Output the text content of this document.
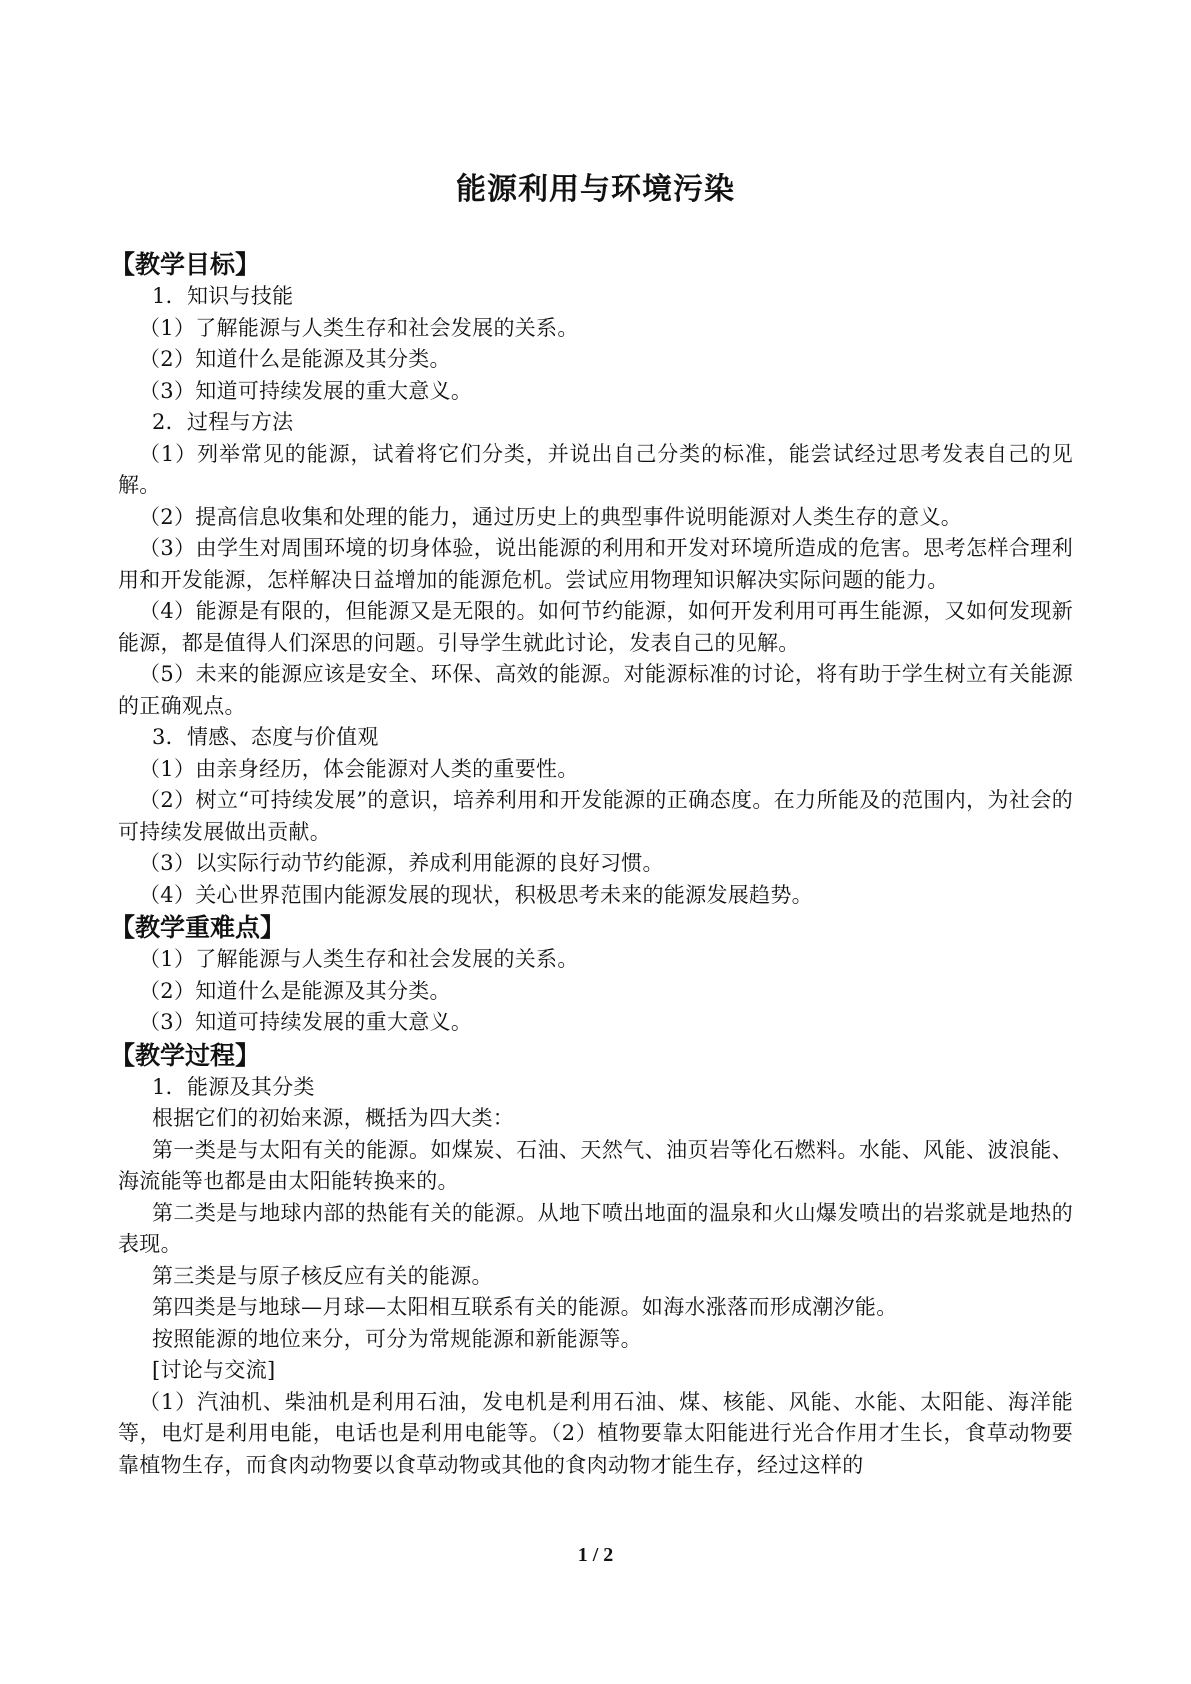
能源利用与环境污染
【教学目标】

1．知识与技能

（1）了解能源与人类生存和社会发展的关系。

（2）知道什么是能源及其分类。

（3）知道可持续发展的重大意义。

2．过程与方法

（1）列举常见的能源，试着将它们分类，并说出自己分类的标准，能尝试经过思考发表自己的见解。

（2）提高信息收集和处理的能力，通过历史上的典型事件说明能源对人类生存的意义。

（3）由学生对周围环境的切身体验，说出能源的利用和开发对环境所造成的危害。思考怎样合理利用和开发能源，怎样解决日益增加的能源危机。尝试应用物理知识解决实际问题的能力。

（4）能源是有限的，但能源又是无限的。如何节约能源，如何开发利用可再生能源，又如何发现新能源，都是值得人们深思的问题。引导学生就此讨论，发表自己的见解。

（5）未来的能源应该是安全、环保、高效的能源。对能源标准的讨论，将有助于学生树立有关能源的正确观点。

3．情感、态度与价值观

（1）由亲身经历，体会能源对人类的重要性。

（2）树立“可持续发展”的意识，培养利用和开发能源的正确态度。在力所能及的范围内，为社会的可持续发展做出贡献。

（3）以实际行动节约能源，养成利用能源的良好习惯。

（4）关心世界范围内能源发展的现状，积极思考未来的能源发展趋势。

【教学重难点】

（1）了解能源与人类生存和社会发展的关系。

（2）知道什么是能源及其分类。

（3）知道可持续发展的重大意义。

【教学过程】

1．能源及其分类

根据它们的初始来源，概括为四大类：

第一类是与太阳有关的能源。如煤炭、石油、天然气、油页岩等化石燃料。水能、风能、波浪能、海流能等也都是由太阳能转换来的。

第二类是与地球内部的热能有关的能源。从地下喷出地面的温泉和火山爆发喷出的岩浆就是地热的表现。

第三类是与原子核反应有关的能源。

第四类是与地球—月球—太阳相互联系有关的能源。如海水涨落而形成潮汐能。

按照能源的地位来分，可分为常规能源和新能源等。

[讨论与交流]

（1）汽油机、柴油机是利用石油，发电机是利用石油、煤、核能、风能、水能、太阳能、海洋能等，电灯是利用电能，电话也是利用电能等。（2）植物要靠太阳能进行光合作用才生长，食草动物要靠植物生存，而食肉动物要以食草动物或其他的食肉动物才能生存，经过这样的

1 / 2
